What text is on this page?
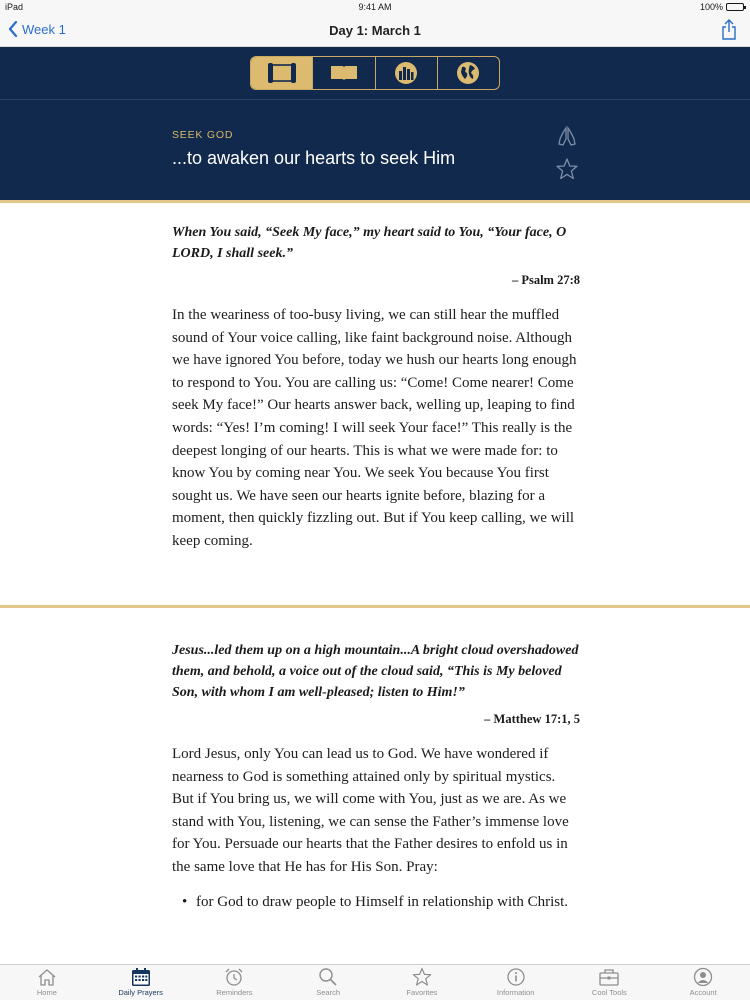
iPad	9:41 AM	100%
Week 1	Day 1: March 1
SEEK GOD
...to awaken our hearts to seek Him
When You said, “Seek My face,” my heart said to You, “Your face, O LORD, I shall seek.”
– Psalm 27:8
In the weariness of too-busy living, we can still hear the muffled sound of Your voice calling, like faint background noise. Although we have ignored You before, today we hush our hearts long enough to respond to You. You are calling us: “Come! Come nearer! Come seek My face!” Our hearts answer back, welling up, leaping to find words: “Yes! I’m coming! I will seek Your face!” This really is the deepest longing of our hearts. This is what we were made for: to know You by coming near You. We seek You because You first sought us. We have seen our hearts ignite before, blazing for a moment, then quickly fizzling out. But if You keep calling, we will keep coming.
Jesus...led them up on a high mountain...A bright cloud overshadowed them, and behold, a voice out of the cloud said, “This is My beloved Son, with whom I am well-pleased; listen to Him!”
– Matthew 17:1, 5
Lord Jesus, only You can lead us to God. We have wondered if nearness to God is something attained only by spiritual mystics. But if You bring us, we will come with You, just as we are. As we stand with You, listening, we can sense the Father’s immense love for You. Persuade our hearts that the Father desires to enfold us in the same love that He has for His Son. Pray:
• for God to draw people to Himself in relationship with Christ.
Home	Daily Prayers	Reminders	Search	Favorites	Information	Cool Tools	Account
